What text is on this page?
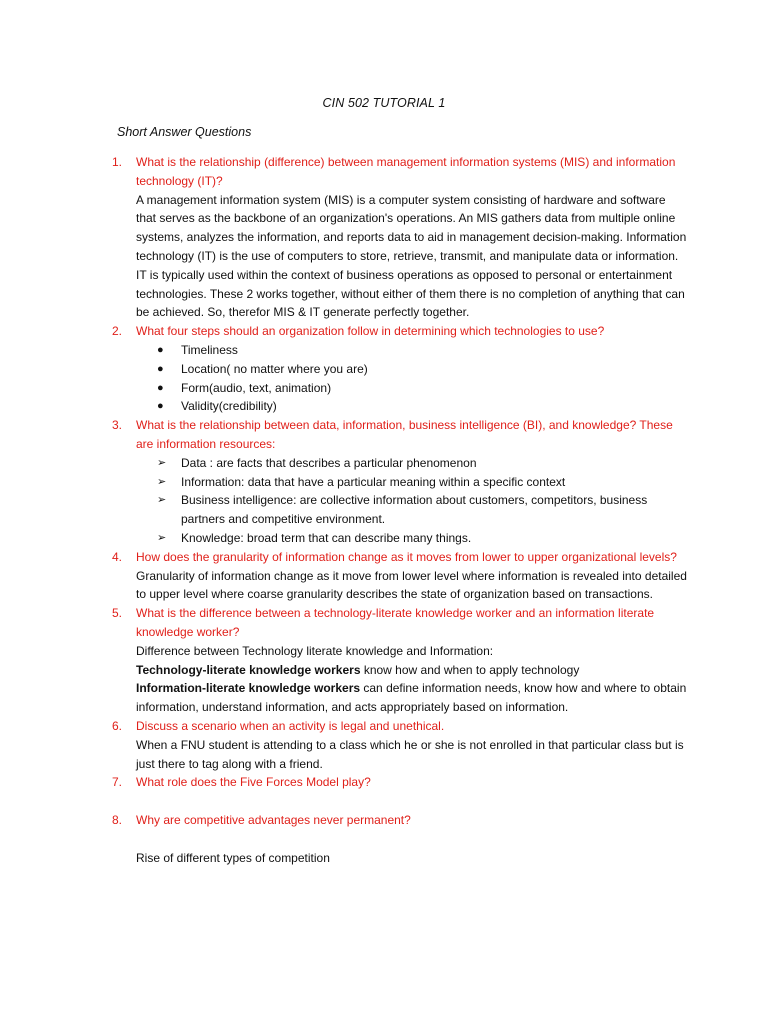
CIN 502 TUTORIAL 1
Short Answer Questions
1. What is the relationship (difference) between management information systems (MIS) and information technology (IT)?
A management information system (MIS) is a computer system consisting of hardware and software that serves as the backbone of an organization's operations. An MIS gathers data from multiple online systems, analyzes the information, and reports data to aid in management decision-making. Information technology (IT) is the use of computers to store, retrieve, transmit, and manipulate data or information. IT is typically used within the context of business operations as opposed to personal or entertainment technologies. These 2 works together, without either of them there is no completion of anything that can be achieved. So, therefor MIS & IT generate perfectly together.
2. What four steps should an organization follow in determining which technologies to use?
● Timeliness
● Location( no matter where you are)
● Form(audio, text, animation)
● Validity(credibility)
3. What is the relationship between data, information, business intelligence (BI), and knowledge? These are information resources:
➢ Data : are facts that describes a particular phenomenon
➢ Information: data that have a particular meaning within a specific context
➢ Business intelligence: are collective information about customers, competitors, business partners and competitive environment.
➢ Knowledge: broad term that can describe many things.
4. How does the granularity of information change as it moves from lower to upper organizational levels?
Granularity of information change as it move from lower level where information is revealed into detailed to upper level where coarse granularity describes the state of organization based on transactions.
5. What is the difference between a technology-literate knowledge worker and an information literate knowledge worker?
Difference between Technology literate knowledge and Information:
Technology-literate knowledge workers know how and when to apply technology
Information-literate knowledge workers can define information needs, know how and where to obtain information, understand information, and acts appropriately based on information.
6. Discuss a scenario when an activity is legal and unethical.
When a FNU student is attending to a class which he or she is not enrolled in that particular class but is just there to tag along with a friend.
7. What role does the Five Forces Model play?
8. Why are competitive advantages never permanent?
Rise of different types of competition
